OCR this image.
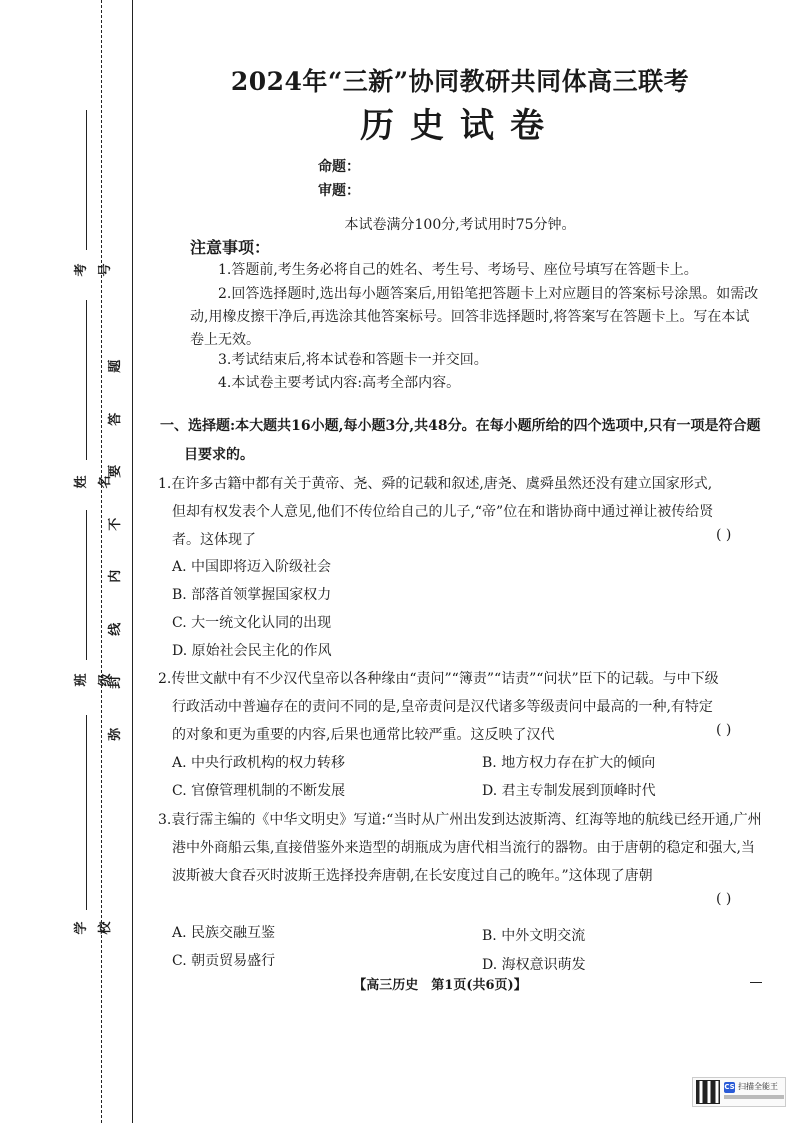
考号
姓名
班级
学校
题
答
要
不
内
线
封
弥
2024年“三新”协同教研共同体高三联考
历史试卷
命题：
审题：
本试卷满分100分,考试用时75分钟。
注意事项：
1.答题前,考生务必将自己的姓名、考生号、考场号、座位号填写在答题卡上。
2.回答选择题时,选出每小题答案后,用铅笔把答题卡上对应题目的答案标号涂黑。如需改动,用橡皮擦干净后,再选涂其他答案标号。回答非选择题时,将答案写在答题卡上。写在本试卷上无效。
3.考试结束后,将本试卷和答题卡一并交回。
4.本试卷主要考试内容:高考全部内容。
一、选择题:本大题共16小题,每小题3分,共48分。在每小题所给的四个选项中,只有一项是符合题目要求的。
1.在许多古籍中都有关于黄帝、尧、舜的记载和叙述,唐尧、虞舜虽然还没有建立国家形式,但却有权发表个人意见,他们不传位给自己的儿子,“帝”位在和谐协商中通过禅让被传给贤者。这体现了	( )
A. 中国即将迈入阶级社会
B. 部落首领掌握国家权力
C. 大一统文化认同的出现
D. 原始社会民主化的作风
2.传世文献中有不少汉代皇帝以各种缘由“责问”“簿责”“诘责”“问状”臣下的记载。与中下级行政活动中普遍存在的责问不同的是,皇帝责问是汉代诸多等级责问中最高的一种,有特定的对象和更为重要的内容,后果也通常比较严重。这反映了汉代	( )
A. 中央行政机构的权力转移	B. 地方权力存在扩大的倾向
C. 官僚管理机制的不断发展	D. 君主专制发展到顶峰时代
3.袁行霈主编的《中华文明史》写道:“当时从广州出发到达波斯湾、红海等地的航线已经开通,广州港中外商船云集,直接借鉴外来造型的胡瓶成为唐代相当流行的器物。由于唐朝的稳定和强大,当波斯被大食吞灭时波斯王选择投奔唐朝,在长安度过自己的晚年。”这体现了唐朝
( )
A. 民族交融互鉴	B. 中外文明交流
C. 朝贡贸易盛行	D. 海权意识萌发
【高三历史　第1页(共6页)】
CS 扫描全能王
